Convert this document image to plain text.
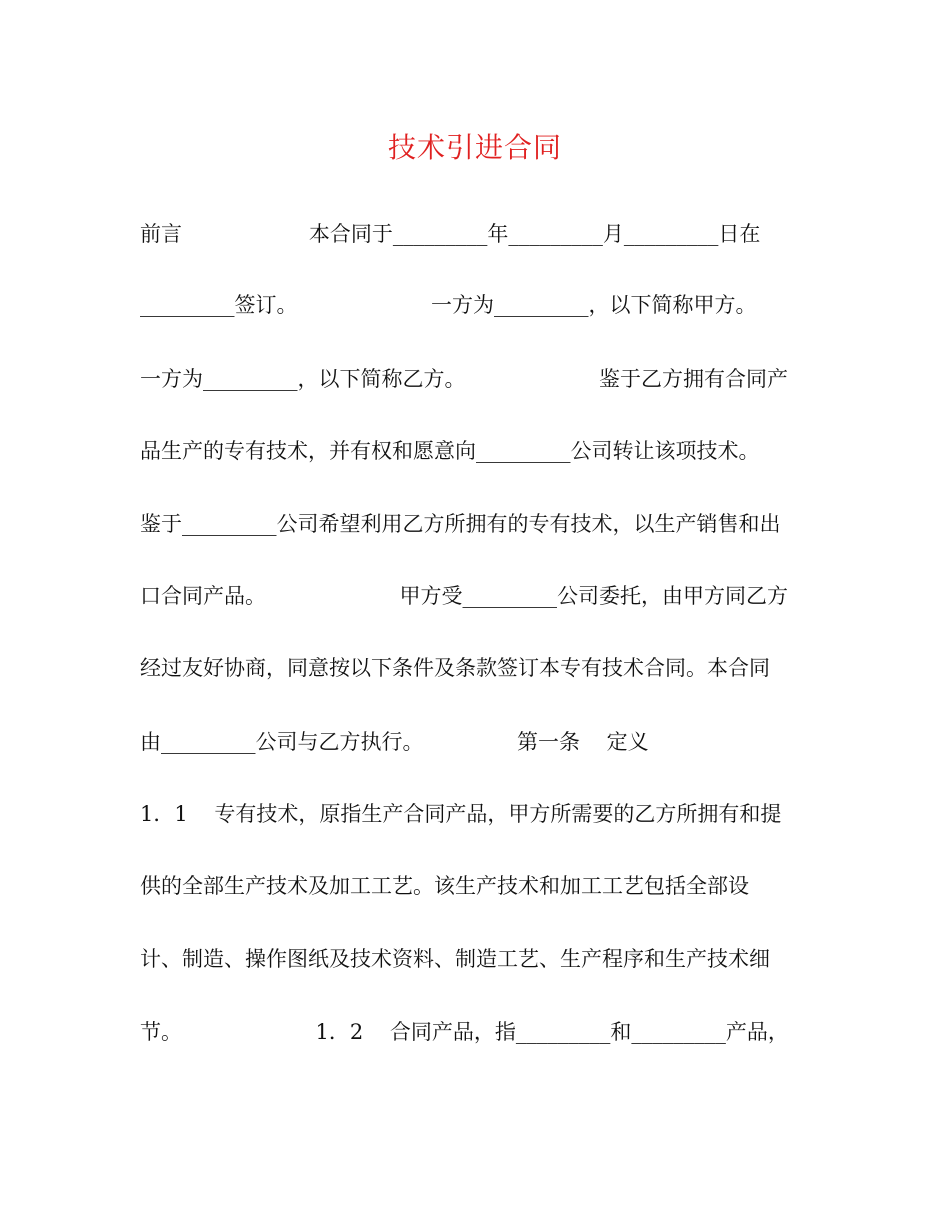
技术引进合同
前言                   本合同于_________年_________月_________日在
_________签订。                    一方为_________，以下简称甲方。
一方为_________，以下简称乙方。                    鉴于乙方拥有合同产
品生产的专有技术，并有权和愿意向_________公司转让该项技术。
鉴于_________公司希望利用乙方所拥有的专有技术，以生产销售和出
口合同产品。                    甲方受_________公司委托，由甲方同乙方
经过友好协商，同意按以下条件及条款签订本专有技术合同。本合同
由_________公司与乙方执行。              第一条    定义
1．1    专有技术，原指生产合同产品，甲方所需要的乙方所拥有和提
供的全部生产技术及加工工艺。该生产技术和加工工艺包括全部设
计、制造、操作图纸及技术资料、制造工艺、生产程序和生产技术细
节。                    1．2    合同产品，指_________和_________产品，
